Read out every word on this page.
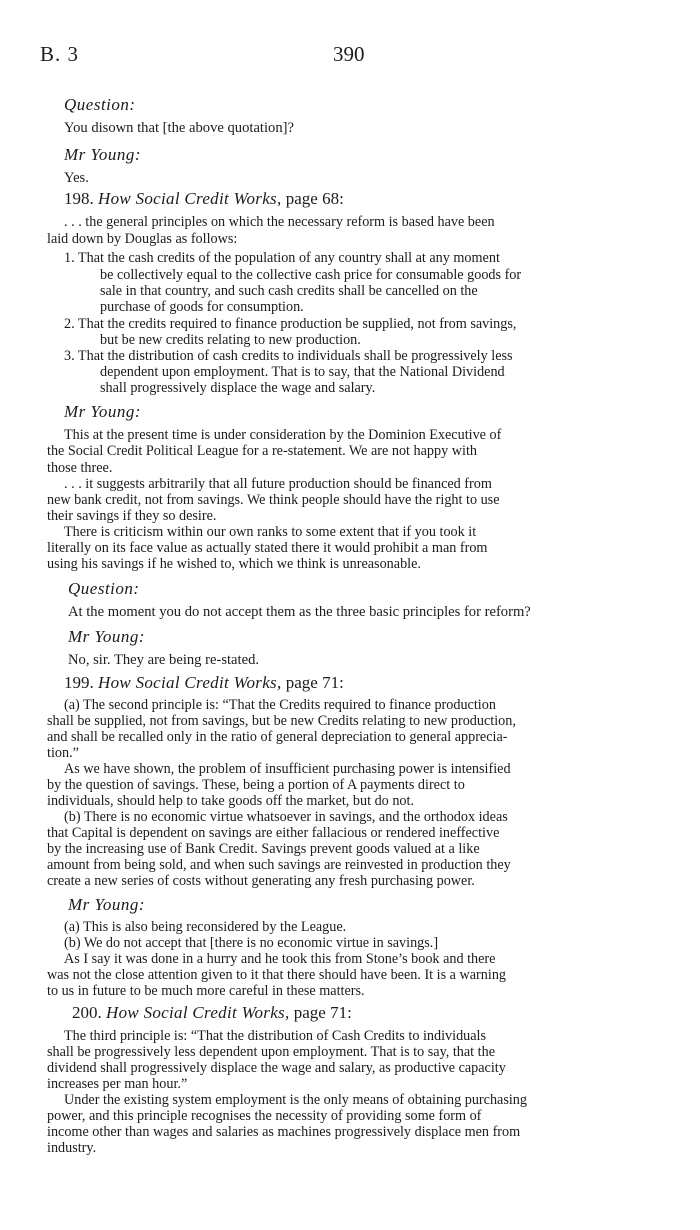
B. 3	390
Question:
You disown that [the above quotation]?
Mr Young:
Yes.
198. How Social Credit Works, page 68:
. . . the general principles on which the necessary reform is based have been
laid down by Douglas as follows:
1. That the cash credits of the population of any country shall at any moment
be collectively equal to the collective cash price for consumable goods for
sale in that country, and such cash credits shall be cancelled on the
purchase of goods for consumption.
2. That the credits required to finance production be supplied, not from savings,
but be new credits relating to new production.
3. That the distribution of cash credits to individuals shall be progressively less
dependent upon employment. That is to say, that the National Dividend
shall progressively displace the wage and salary.
Mr Young:
This at the present time is under consideration by the Dominion Executive of
the Social Credit Political League for a re-statement. We are not happy with
those three.
. . . it suggests arbitrarily that all future production should be financed from
new bank credit, not from savings. We think people should have the right to use
their savings if they so desire.
There is criticism within our own ranks to some extent that if you took it
literally on its face value as actually stated there it would prohibit a man from
using his savings if he wished to, which we think is unreasonable.
Question:
At the moment you do not accept them as the three basic principles for reform?
Mr Young:
No, sir. They are being re-stated.
199. How Social Credit Works, page 71:
(a) The second principle is: “That the Credits required to finance production
shall be supplied, not from savings, but be new Credits relating to new production,
and shall be recalled only in the ratio of general depreciation to general apprecia-
tion.”
As we have shown, the problem of insufficient purchasing power is intensified
by the question of savings. These, being a portion of A payments direct to
individuals, should help to take goods off the market, but do not.
(b) There is no economic virtue whatsoever in savings, and the orthodox ideas
that Capital is dependent on savings are either fallacious or rendered ineffective
by the increasing use of Bank Credit. Savings prevent goods valued at a like
amount from being sold, and when such savings are reinvested in production they
create a new series of costs without generating any fresh purchasing power.
Mr Young:
(a) This is also being reconsidered by the League.
(b) We do not accept that [there is no economic virtue in savings.]
As I say it was done in a hurry and he took this from Stone’s book and there
was not the close attention given to it that there should have been. It is a warning
to us in future to be much more careful in these matters.
200. How Social Credit Works, page 71:
The third principle is: “That the distribution of Cash Credits to individuals
shall be progressively less dependent upon employment. That is to say, that the
dividend shall progressively displace the wage and salary, as productive capacity
increases per man hour.”
Under the existing system employment is the only means of obtaining purchasing
power, and this principle recognises the necessity of providing some form of
income other than wages and salaries as machines progressively displace men from
industry.
